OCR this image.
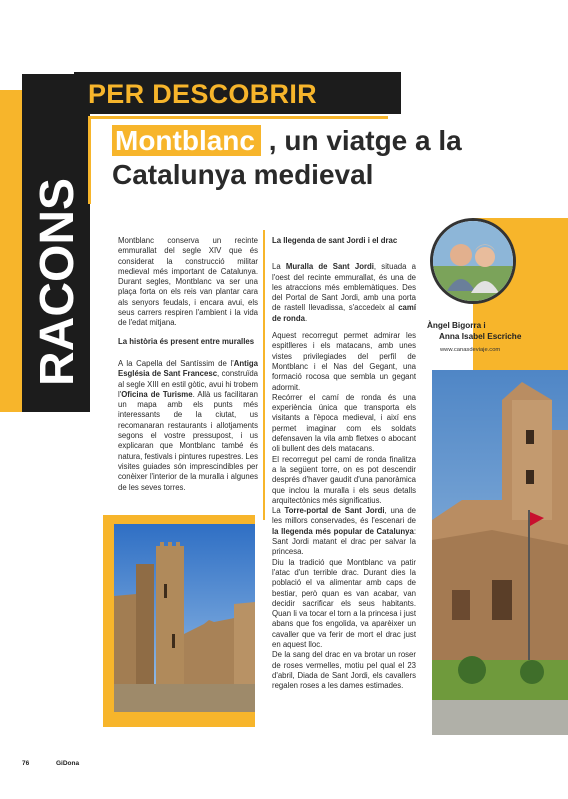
RACONS
PER DESCOBRIR
Montblanc , un viatge a la
Catalunya medieval
Àngel Bigorra i
Anna Isabel Escriche
www.canasdeviaje.com

Montblanc conserva un recinte emmurallat del segle XIV que és considerat la construcció militar medieval més important de Catalunya. Durant segles, Montblanc va ser una plaça forta on els reis van plantar cara als senyors feudals, i encara avui, els seus carrers respiren l'ambient i la vida de l'edat mitjana.

La història és present entre muralles

A la Capella del Santíssim de l'Antiga Església de Sant Francesc, construïda al segle XIII en estil gòtic, avui hi trobem l'Oficina de Turisme. Allà us facilitaran un mapa amb els punts més interessants de la ciutat, us recomanaran restaurants i allotjaments segons el vostre pressupost, i us explicaran que Montblanc també és natura, festivals i pintures rupestres. Les visites guiades són imprescindibles per conèixer l'interior de la muralla i algunes de les seves torres.

La llegenda de sant Jordi i el drac

La Muralla de Sant Jordi, situada a l'oest del recinte emmurallat, és una de les atraccions més emblemàtiques. Des del Portal de Sant Jordi, amb una porta de rastell llevadissa, s'accedeix al camí de ronda.

Aquest recorregut permet admirar les espitlleres i els matacans, amb unes vistes privilegiades del perfil de Montblanc i el Nas del Gegant, una formació rocosa que sembla un gegant adormit.

Recórrer el camí de ronda és una experiència única que transporta els visitants a l'època medieval, i així ens permet imaginar com els soldats defensaven la vila amb fletxes o abocant oli bullent des dels matacans.

El recorregut pel camí de ronda finalitza a la següent torre, on es pot descendir després d'haver gaudit d'una panoràmica que inclou la muralla i els seus detalls arquitectònics més significatius.

La Torre-portal de Sant Jordi, una de les millors conservades, és l'escenari de la llegenda més popular de Catalunya: Sant Jordi matant el drac per salvar la princesa.

Diu la tradició que Montblanc va patir l'atac d'un terrible drac. Durant dies la població el va alimentar amb caps de bestiar, però quan es van acabar, van decidir sacrificar els seus habitants. Quan li va tocar el torn a la princesa i just abans que fos engolida, va aparèixer un cavaller que va ferir de mort el drac just en aquest lloc.

De la sang del drac en va brotar un roser de roses vermelles, motiu pel qual el 23 d'abril, Diada de Sant Jordi, els cavallers regalen roses a les dames estimades.

76	GiDona
